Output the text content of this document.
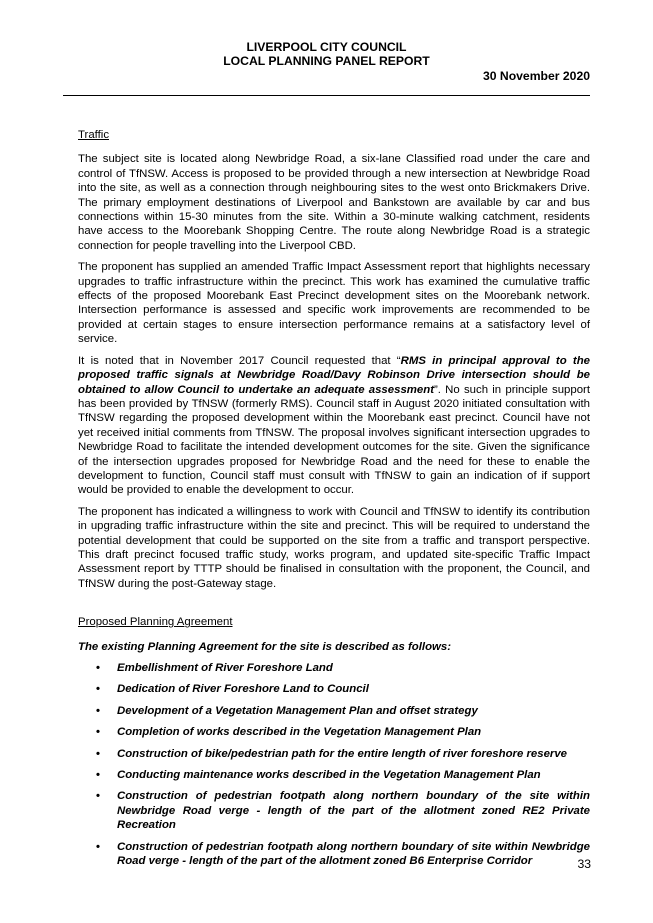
LIVERPOOL CITY COUNCIL
LOCAL PLANNING PANEL REPORT
30 November 2020
Traffic

The subject site is located along Newbridge Road, a six-lane Classified road under the care and control of TfNSW. Access is proposed to be provided through a new intersection at Newbridge Road into the site, as well as a connection through neighbouring sites to the west onto Brickmakers Drive. The primary employment destinations of Liverpool and Bankstown are available by car and bus connections within 15-30 minutes from the site. Within a 30-minute walking catchment, residents have access to the Moorebank Shopping Centre. The route along Newbridge Road is a strategic connection for people travelling into the Liverpool CBD.

The proponent has supplied an amended Traffic Impact Assessment report that highlights necessary upgrades to traffic infrastructure within the precinct. This work has examined the cumulative traffic effects of the proposed Moorebank East Precinct development sites on the Moorebank network. Intersection performance is assessed and specific work improvements are recommended to be provided at certain stages to ensure intersection performance remains at a satisfactory level of service.

It is noted that in November 2017 Council requested that “RMS in principal approval to the proposed traffic signals at Newbridge Road/Davy Robinson Drive intersection should be obtained to allow Council to undertake an adequate assessment”. No such in principle support has been provided by TfNSW (formerly RMS). Council staff in August 2020 initiated consultation with TfNSW regarding the proposed development within the Moorebank east precinct. Council have not yet received initial comments from TfNSW. The proposal involves significant intersection upgrades to Newbridge Road to facilitate the intended development outcomes for the site. Given the significance of the intersection upgrades proposed for Newbridge Road and the need for these to enable the development to function, Council staff must consult with TfNSW to gain an indication of if support would be provided to enable the development to occur.

The proponent has indicated a willingness to work with Council and TfNSW to identify its contribution in upgrading traffic infrastructure within the site and precinct. This will be required to understand the potential development that could be supported on the site from a traffic and transport perspective. This draft precinct focused traffic study, works program, and updated site-specific Traffic Impact Assessment report by TTTP should be finalised in consultation with the proponent, the Council, and TfNSW during the post-Gateway stage.

Proposed Planning Agreement
The existing Planning Agreement for the site is described as follows:
• Embellishment of River Foreshore Land
• Dedication of River Foreshore Land to Council
• Development of a Vegetation Management Plan and offset strategy
• Completion of works described in the Vegetation Management Plan
• Construction of bike/pedestrian path for the entire length of river foreshore reserve
• Conducting maintenance works described in the Vegetation Management Plan
• Construction of pedestrian footpath along northern boundary of the site within Newbridge Road verge - length of the part of the allotment zoned RE2 Private Recreation
• Construction of pedestrian footpath along northern boundary of site within Newbridge Road verge - length of the part of the allotment zoned B6 Enterprise Corridor	33
